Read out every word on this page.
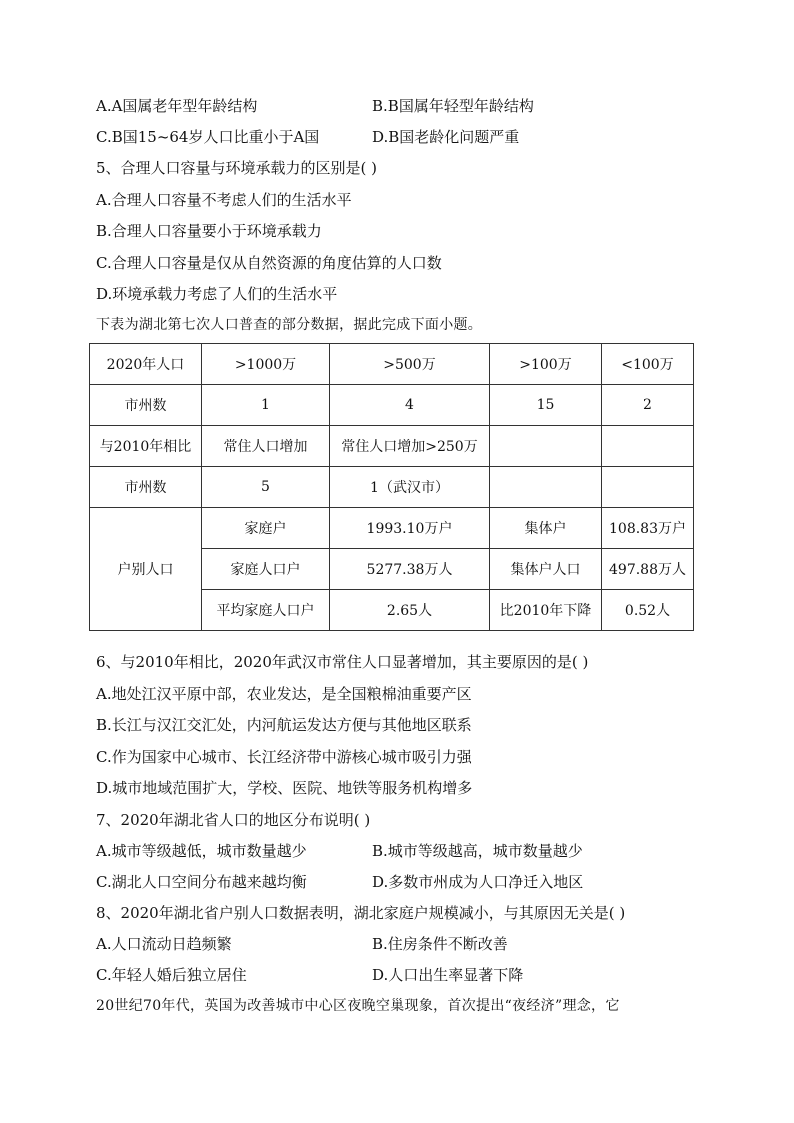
A.A国属老年型年龄结构	B.B国属年轻型年龄结构
C.B国15~64岁人口比重小于A国	D.B国老龄化问题严重
5、合理人口容量与环境承载力的区别是( )
A.合理人口容量不考虑人们的生活水平
B.合理人口容量要小于环境承载力
C.合理人口容量是仅从自然资源的角度估算的人口数
D.环境承载力考虑了人们的生活水平
下表为湖北第七次人口普查的部分数据，据此完成下面小题。
2020年人口	>1000万	>500万	>100万	<100万
市州数	1	4	15	2
与2010年相比	常住人口增加	常住人口增加>250万		
市州数	5	1（武汉市）		
户别人口	家庭户	1993.10万户	集体户	108.83万户
	家庭人口户	5277.38万人	集体户人口	497.88万人
	平均家庭人口户	2.65人	比2010年下降	0.52人
6、与2010年相比，2020年武汉市常住人口显著增加，其主要原因的是( )
A.地处江汉平原中部，农业发达，是全国粮棉油重要产区
B.长江与汉江交汇处，内河航运发达方便与其他地区联系
C.作为国家中心城市、长江经济带中游核心城市吸引力强
D.城市地域范围扩大，学校、医院、地铁等服务机构增多
7、2020年湖北省人口的地区分布说明( )
A.城市等级越低，城市数量越少	B.城市等级越高，城市数量越少
C.湖北人口空间分布越来越均衡	D.多数市州成为人口净迁入地区
8、2020年湖北省户别人口数据表明，湖北家庭户规模减小，与其原因无关是( )
A.人口流动日趋频繁	B.住房条件不断改善
C.年轻人婚后独立居住	D.人口出生率显著下降
20世纪70年代，英国为改善城市中心区夜晚空巢现象，首次提出“夜经济”理念，它
